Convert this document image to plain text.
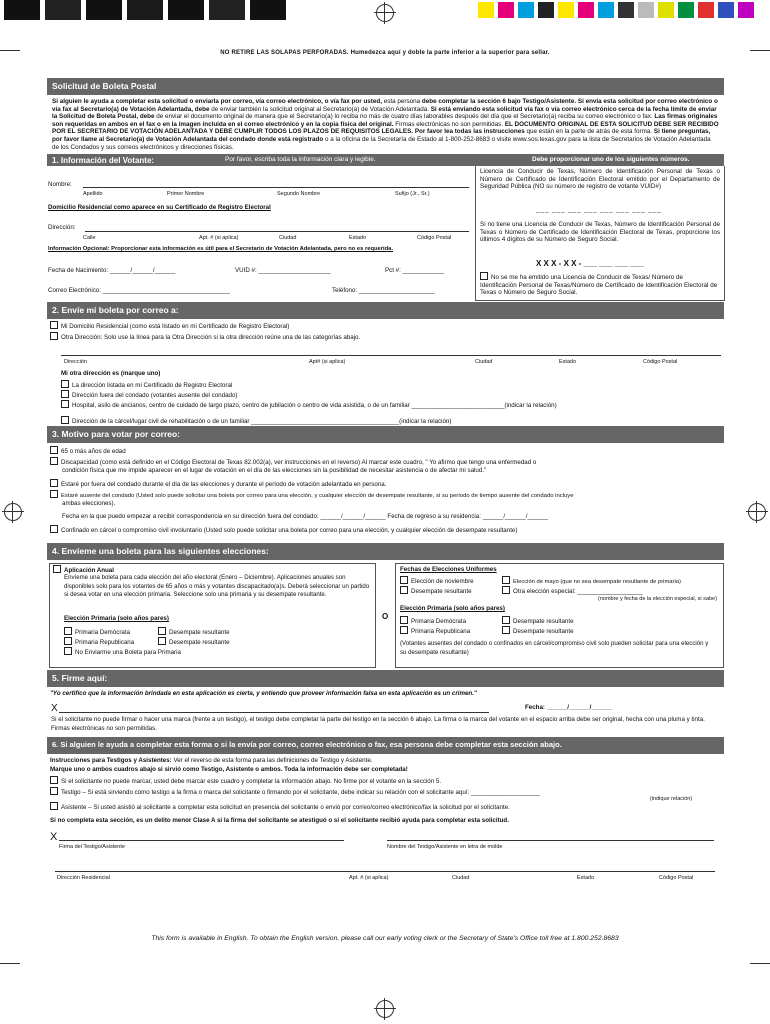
NO RETIRE LAS SOLAPAS PERFORADAS. Humedezca aquí y doble la parte inferior a la superior para sellar.
Solicitud de Boleta Postal
Si alguien le ayuda a completar esta solicitud o enviarla por correo, vía correo electrónico, o vía fax por usted, esta persona debe completar la sección 6 bajo Testigo/Asistente. Si envía esta solicitud por correo electrónico o vía fax al Secretario(a) de Votación Adelantada, debe de enviar también la solicitud original al Secretario(a) de Votación Adelantada. Si está enviando esta solicitud vía fax o vía correo electrónico cerca de la fecha límite de enviar la Solicitud de Boleta Postal, debe de enviar el documento original de manera que el Secretario(a) lo reciba no más de cuatro días laborables después del día que el Secretario(a) reciba su correo electrónico o fax. Las firmas originales son requeridas en ambos en el fax o en la imagen incluida en el correo electrónico y en la copia física del original. Firmas electrónicas no son permitidas. EL DOCUMENTO ORIGINAL DE ESTA SOLICITUD DEBE SER RECIBIDO POR EL SECRETARIO DE VOTACIÓN ADELANTADA Y DEBE CUMPLIR TODOS LOS PLAZOS DE REQUISITOS LEGALES. Por favor lea todas las instrucciones que están en la parte de atrás de esta forma. Si tiene preguntas, por favor llame al Secretario(a) de Votación Adelantada del condado donde está registrado o a la oficina de la Secretaría de Estado al 1-800-252-8683 o visite www.sos.texas.gov para la lista de Secretarios de Votación Adelantada de los Condados y sus correos electrónicos y direcciones físicas.
1. Información del Votante:	Por favor, escriba toda la información clara y legible.	Debe proporcionar uno de los siguientes números.
Nombre:
Apellido	Primer Nombre	Segundo Nombre	Sufijo (Jr., Sr.)
Domicilio Residencial como aparece en su Certificado de Registro Electoral
Dirección:
Calle	Apt. # (si aplica)	Ciudad	Estado	Código Postal
Información Opcional: Proporcionar esta información es útil para el Secretario de Votación Adelantada, pero no es requerida.
Fecha de Nacimiento: ______/______/______	VUID #: _____________________	Pct #: ____________
Correo Electrónico: _____________________________________	Teléfono: ______________________
Licencia de Conducir de Texas, Número de Identificación Personal de Texas o Número de Certificado de Identificación Electoral emitido por el Departamento de Seguridad Pública (NO su número de registro de votante VUID#)
___ ___ ___ ___ ___ ___ ___ ___
Si no tiene una Licencia de Conducir de Texas, Número de Identificación Personal de Texas o Número de Certificado de Identificación Electoral de Texas, proporcione los últimos 4 dígitos de su Número de Seguro Social.
X X X - X X - ___ ___ ___ ___
No se me ha emitido una Licencia de Conducir de Texas/ Número de Identificación Personal de Texas/Número de Certificado de Identificación Electoral de Texas o Número de Seguro Social.
2. Envíe mi boleta por correo a:
Mi Domicilio Residencial (como está listado en mi Certificado de Registro Electoral)
Otra Dirección: Solo use la línea para la Otra Dirección si la otra dirección reúne una de las categorías abajo.
Dirección	Apt# (si aplica)	Ciudad	Estado	Código Postal
Mi otra dirección es (marque uno)
La dirección listada en mi Certificado de Registro Electoral
Dirección fuera del condado (votantes ausente del condado)
Hospital, asilo de ancianos, centro de cuidado de largo plazo, centro de jubilación o centro de vida asistida, o de un familiar ___________________________(indicar la relación)
Dirección de la cárcel/lugar civil de rehabilitación o de un familiar ___________________________________________(indicar la relación)
3. Motivo para votar por correo:
65 o más años de edad
Discapacidad (como está definido en el Código Electoral de Texas 82.002(a), ver instrucciones en el reverso) Al marcar este cuadro, " Yo afirmo que tengo una enfermedad o
condición física que me impide aparecer en el lugar de votación en el día de las elecciones sin la posibilidad de necesitar asistencia o de afectar mi salud."
Estaré por fuera del condado durante el día de las elecciones y durante el período de votación adelantada en persona.
Estaré ausente del condado (Usted solo puede solicitar una boleta por correo para una elección, y cualquier elección de desempate resultante, si su período de tiempo ausente del condado incluye
ambas elecciones).
Fecha en la que puedo empezar a recibir correspondencia en su dirección fuera del condado: ______/______/______ Fecha de regreso a su residencia: ______/______/______
Confinado en cárcel o compromiso civil involuntario (Usted solo puede solicitar una boleta por correo para una elección, y cualquier elección de desempate resultante)
4. Envíeme una boleta para las siguientes elecciones:
Aplicación Anual
Envíeme una boleta para cada elección del año electoral (Enero – Diciembre). Aplicaciones anuales son disponibles solo para los votantes de 65 años o más y votantes discapacitado(a)s. Deberá seleccionar un partido si desea votar en una elección primaria. Seleccione solo una primaria y su desempate resultante.
Elección Primaria (solo años pares)
Primaria Demócrata	Desempate resultante
Primaria Republicana	Desempate resultante
No Enviarme una Boleta para Primaria
O
Fechas de Elecciones Uniformes
Elección de noviembre	Elección de mayo (que no sea desempate resultante de primaria)
Desempate resultante	Otra elección especial: ___________________
(nombre y fecha de la elección especial, si sabe)
Elección Primaria (solo años pares)
Primaria Demócrata	Desempate resultante
Primaria Republicana	Desempate resultante
(Votantes ausentes del condado o confinados en cárcel/compromiso civil solo pueden solicitar para una elección y su desempate resultante)
5. Firme aquí:
"Yo certifico que la información brindada en esta aplicación es cierta, y entiendo que proveer información falsa en esta aplicación es un crimen."
X	Fecha: ______/______/______
Si el solicitante no puede firmar o hacer una marca (frente a un testigo), el testigo debe completar la parte del testigo en la sección 6 abajo. La firma o la marca del votante en el espacio arriba debe ser original, hecha con una pluma y tinta. Firmas electrónicas no son permitidas.
6. Si alguien le ayuda a completar esta forma o si la envía por correo, correo electrónico o fax, esa persona debe completar esta sección abajo.
Instrucciones para Testigos y Asistentes: Ver el reverso de esta forma para las definiciones de Testigo y Asistente.
Marque uno o ambos cuadros abajo si sirvió como Testigo, Asistente o ambos. Toda la información debe ser completada!
Si el solicitante no puede marcar, usted debe marcar este cuadro y completar la información abajo. No firme por el votante en la sección 5.
Testigo – Si está sirviendo como testigo a la firma o marca del solicitante o firmando por el solicitante, debe indicar su relación con el solicitante aquí: ____________________
(indique relación)
Asistente – Si usted asistió al solicitante a completar esta solicitud en presencia del solicitante o envió por correo/correo electrónico/fax la solicitud por el solicitante.
Si no completa esta sección, es un delito menor Clase A si la firma del solicitante se atestiguó o si el solicitante recibió ayuda para completar esta solicitud.
X
Firma del Testigo/Asistente	Nombre del Testigo/Asistente en letra de molde
Dirección Residencial	Apt. # (si aplica)	Ciudad	Estado	Código Postal
This form is available in English. To obtain the English version, please call our early voting clerk or the Secretary of State's Office toll free at 1.800.252.8683
